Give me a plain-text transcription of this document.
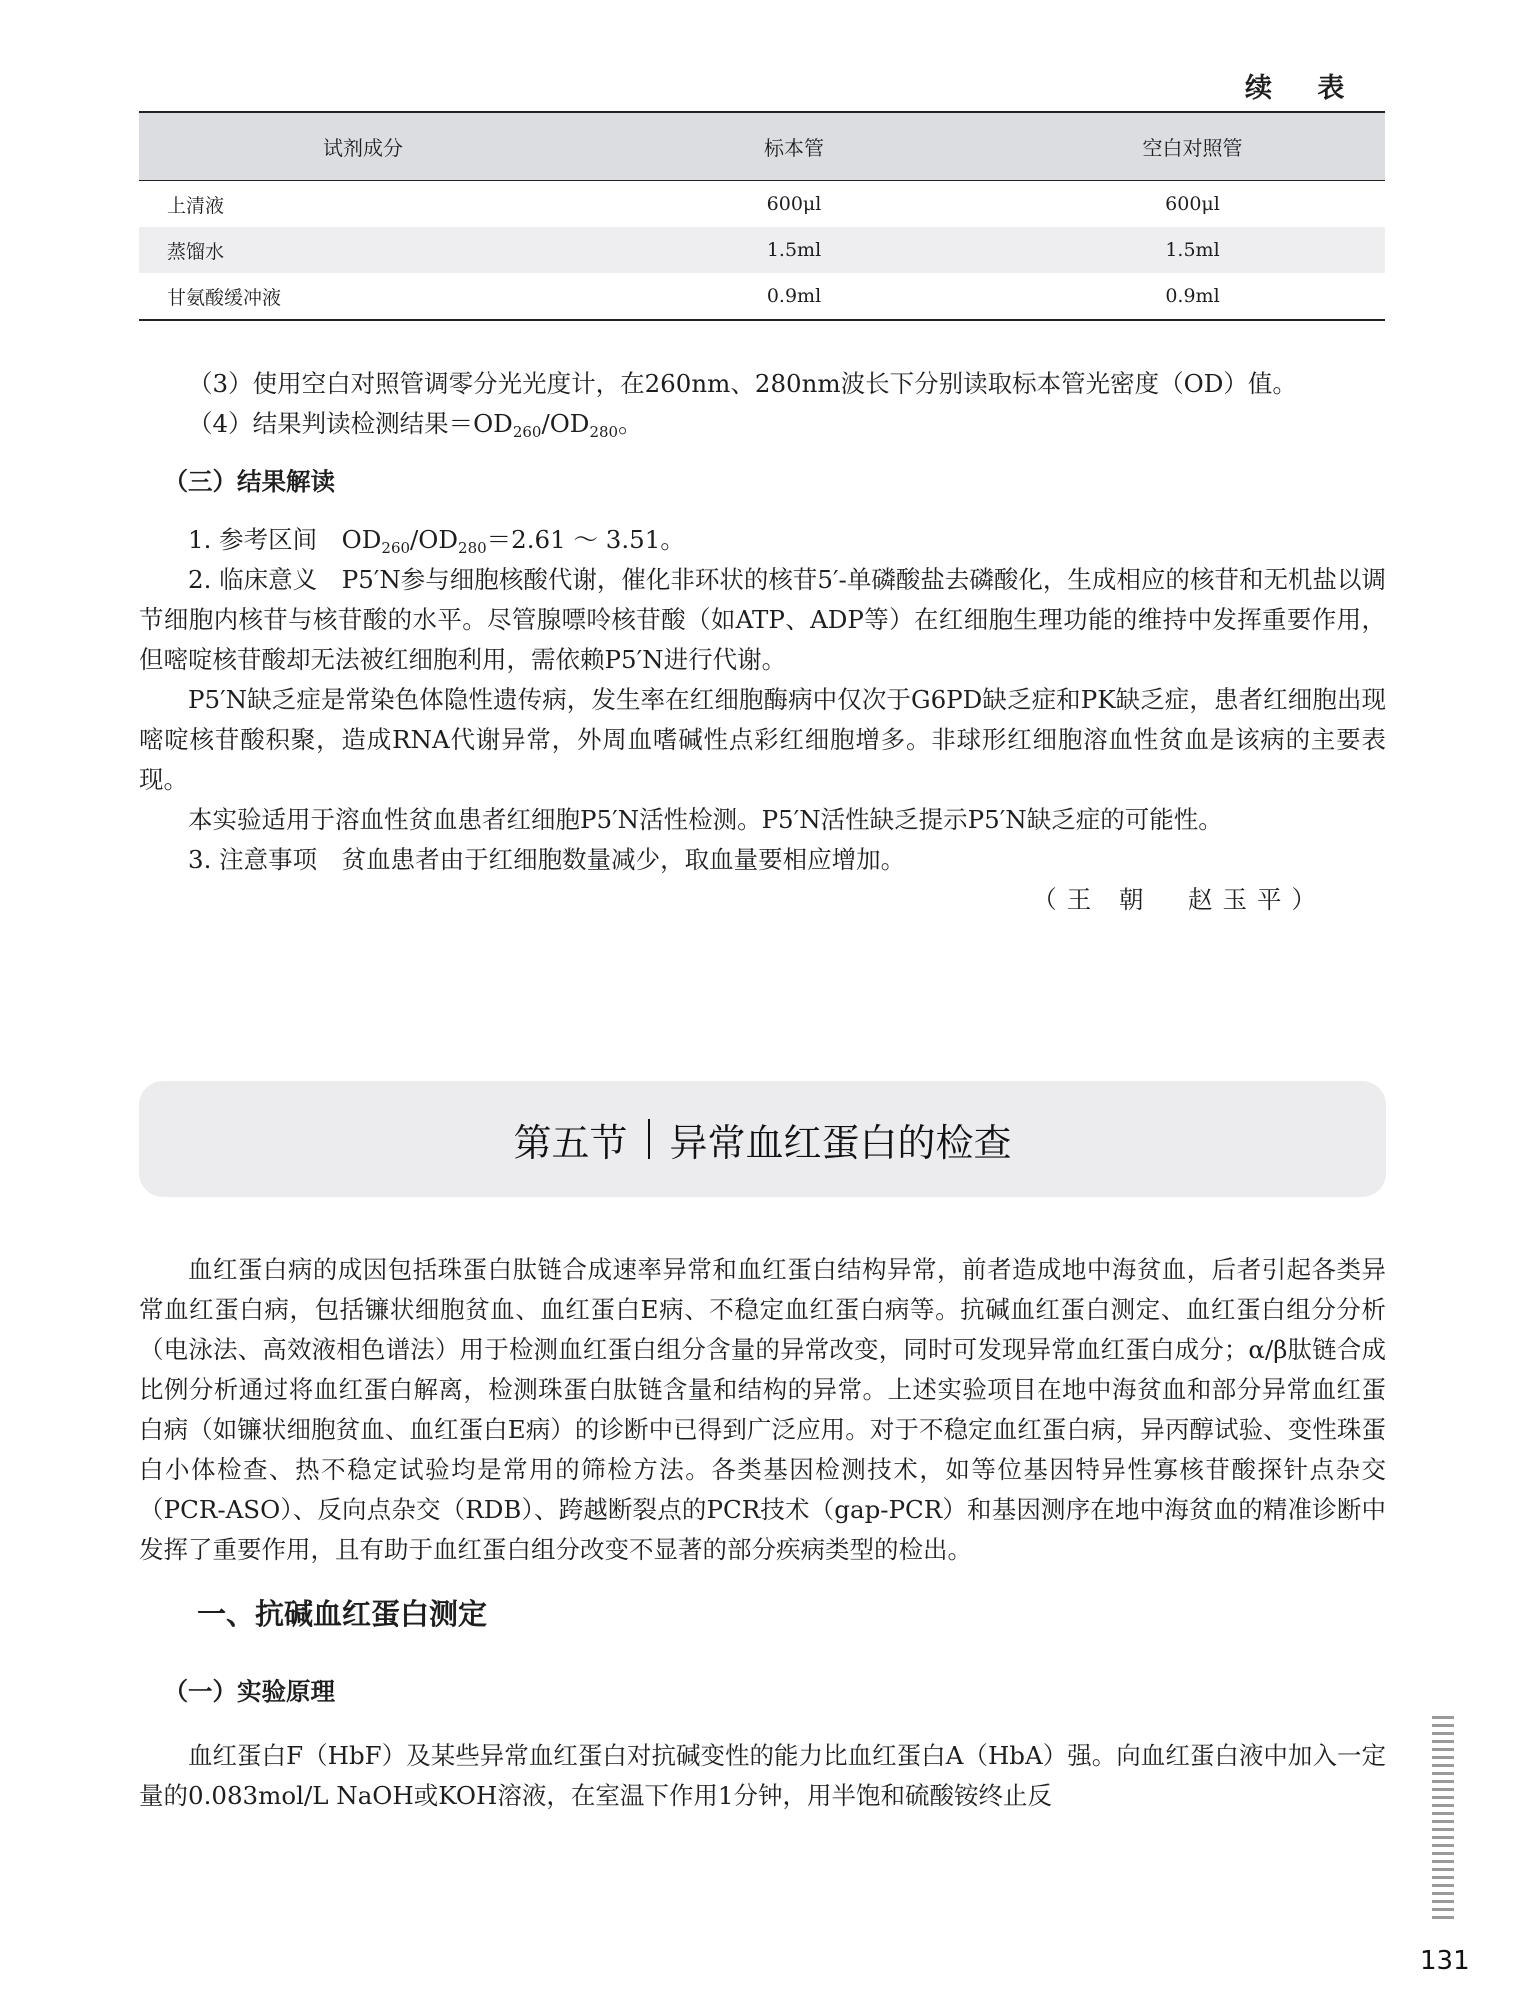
续 表
试剂成分	标本管	空白对照管
上清液	600μl	600μl
蒸馏水	1.5ml	1.5ml
甘氨酸缓冲液	0.9ml	0.9ml

（3）使用空白对照管调零分光光度计，在260nm、280nm波长下分别读取标本管光密度（OD）值。

（4）结果判读检测结果$=OD_{260}/OD_{280}$。

（三）结果解读

1. 参考区间　$OD_{260}/OD_{280}=2.61$ ～ 3.51。

2. 临床意义　P5′N参与细胞核酸代谢，催化非环状的核苷5′-单磷酸盐去磷酸化，生成相应的核苷和无机盐以调节细胞内核苷与核苷酸的水平。尽管腺嘌呤核苷酸（如ATP、ADP等）在红细胞生理功能的维持中发挥重要作用，但嘧啶核苷酸却无法被红细胞利用，需依赖P5′N进行代谢。

P5′N缺乏症是常染色体隐性遗传病，发生率在红细胞酶病中仅次于G6PD缺乏症和PK缺乏症，患者红细胞出现嘧啶核苷酸积聚，造成RNA代谢异常，外周血嗜碱性点彩红细胞增多。非球形红细胞溶血性贫血是该病的主要表现。

本实验适用于溶血性贫血患者红细胞P5′N活性检测。P5′N活性缺乏提示P5′N缺乏症的可能性。

3. 注意事项　贫血患者由于红细胞数量减少，取血量要相应增加。

（王 朝　赵玉平）

第五节 异常血红蛋白的检查

血红蛋白病的成因包括珠蛋白肽链合成速率异常和血红蛋白结构异常，前者造成地中海贫血，后者引起各类异常血红蛋白病，包括镰状细胞贫血、血红蛋白E病、不稳定血红蛋白病等。抗碱血红蛋白测定、血红蛋白组分分析（电泳法、高效液相色谱法）用于检测血红蛋白组分含量的异常改变，同时可发现异常血红蛋白成分；α/β肽链合成比例分析通过将血红蛋白解离，检测珠蛋白肽链含量和结构的异常。上述实验项目在地中海贫血和部分异常血红蛋白病（如镰状细胞贫血、血红蛋白E病）的诊断中已得到广泛应用。对于不稳定血红蛋白病，异丙醇试验、变性珠蛋白小体检查、热不稳定试验均是常用的筛检方法。各类基因检测技术，如等位基因特异性寡核苷酸探针点杂交（PCR-ASO）、反向点杂交（RDB）、跨越断裂点的PCR技术（gap-PCR）和基因测序在地中海贫血的精准诊断中发挥了重要作用，且有助于血红蛋白组分改变不显著的部分疾病类型的检出。

一、抗碱血红蛋白测定

（一）实验原理

血红蛋白F（HbF）及某些异常血红蛋白对抗碱变性的能力比血红蛋白A（HbA）强。向血红蛋白液中加入一定量的0.083mol/L NaOH或KOH溶液，在室温下作用1分钟，用半饱和硫酸铵终止反

131
